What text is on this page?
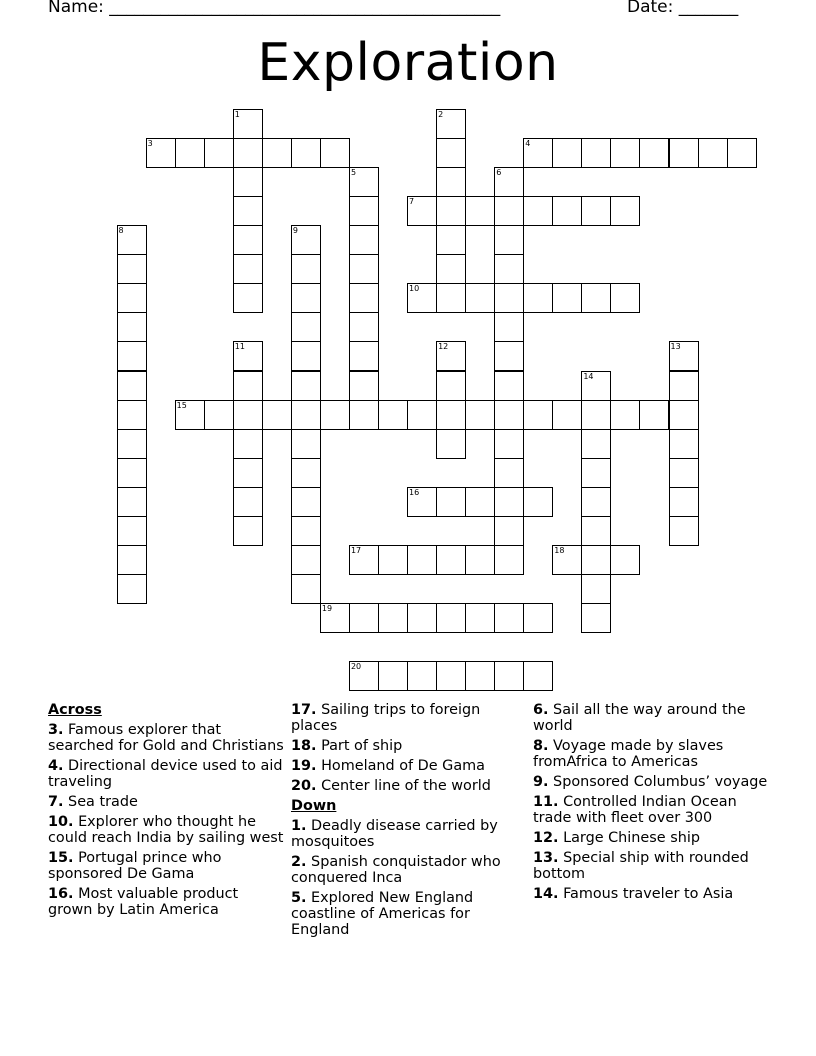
Name: ______________________________________________	Date: _______
Exploration
1	2
3	4
5	6
7
8	9
10
11	12	13
14
15
16
17	18
19
20
Across
3. Famous explorer that searched for Gold and Christians
4. Directional device used to aid traveling
7. Sea trade
10. Explorer who thought he could reach India by sailing west
15. Portugal prince who sponsored De Gama
16. Most valuable product grown by Latin America
17. Sailing trips to foreign places
18. Part of ship
19. Homeland of De Gama
20. Center line of the world
Down
1. Deadly disease carried by mosquitoes
2. Spanish conquistador who conquered Inca
5. Explored New England coastline of Americas for England
6. Sail all the way around the world
8. Voyage made by slaves fromAfrica to Americas
9. Sponsored Columbus’ voyage
11. Controlled Indian Ocean trade with fleet over 300
12. Large Chinese ship
13. Special ship with rounded bottom
14. Famous traveler to Asia
